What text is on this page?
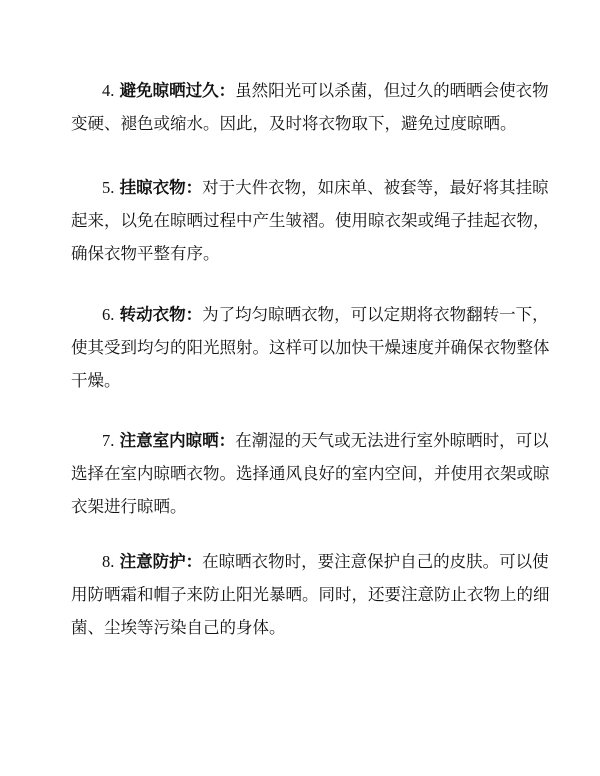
4. 避免晾晒过久：虽然阳光可以杀菌，但过久的晒晒会使衣物
变硬、褪色或缩水。因此，及时将衣物取下，避免过度晾晒。
5. 挂晾衣物：对于大件衣物，如床单、被套等，最好将其挂晾
起来，以免在晾晒过程中产生皱褶。使用晾衣架或绳子挂起衣物，
确保衣物平整有序。
6. 转动衣物：为了均匀晾晒衣物，可以定期将衣物翻转一下，
使其受到均匀的阳光照射。这样可以加快干燥速度并确保衣物整体
干燥。
7. 注意室内晾晒：在潮湿的天气或无法进行室外晾晒时，可以
选择在室内晾晒衣物。选择通风良好的室内空间，并使用衣架或晾
衣架进行晾晒。
8. 注意防护：在晾晒衣物时，要注意保护自己的皮肤。可以使
用防晒霜和帽子来防止阳光暴晒。同时，还要注意防止衣物上的细
菌、尘埃等污染自己的身体。
